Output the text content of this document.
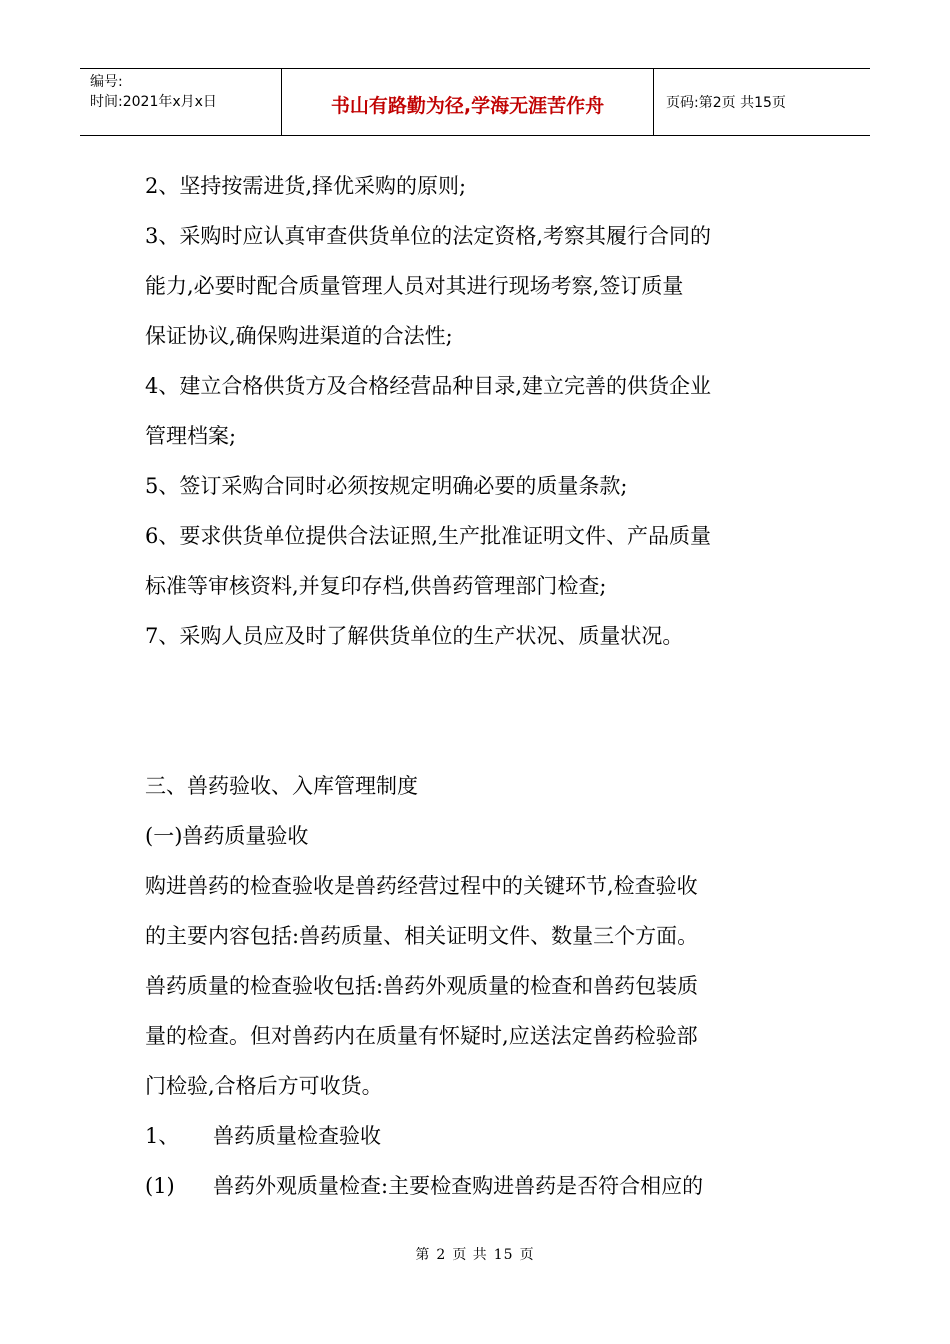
编号:
时间:2021年x月x日	书山有路勤为径,学海无涯苦作舟	页码:第2页 共15页

2、坚持按需进货,择优采购的原则;

3、采购时应认真审查供货单位的法定资格,考察其履行合同的

能力,必要时配合质量管理人员对其进行现场考察,签订质量

保证协议,确保购进渠道的合法性;

4、建立合格供货方及合格经营品种目录,建立完善的供货企业

管理档案;

5、签订采购合同时必须按规定明确必要的质量条款;

6、要求供货单位提供合法证照,生产批准证明文件、产品质量

标准等审核资料,并复印存档,供兽药管理部门检查;

7、采购人员应及时了解供货单位的生产状况、质量状况。

三、兽药验收、入库管理制度

(一)兽药质量验收

购进兽药的检查验收是兽药经营过程中的关键环节,检查验收

的主要内容包括:兽药质量、相关证明文件、数量三个方面。

兽药质量的检查验收包括:兽药外观质量的检查和兽药包装质

量的检查。但对兽药内在质量有怀疑时,应送法定兽药检验部

门检验,合格后方可收货。

1、 兽药质量检查验收

(1) 兽药外观质量检查:主要检查购进兽药是否符合相应的

第 2 页 共 15 页
